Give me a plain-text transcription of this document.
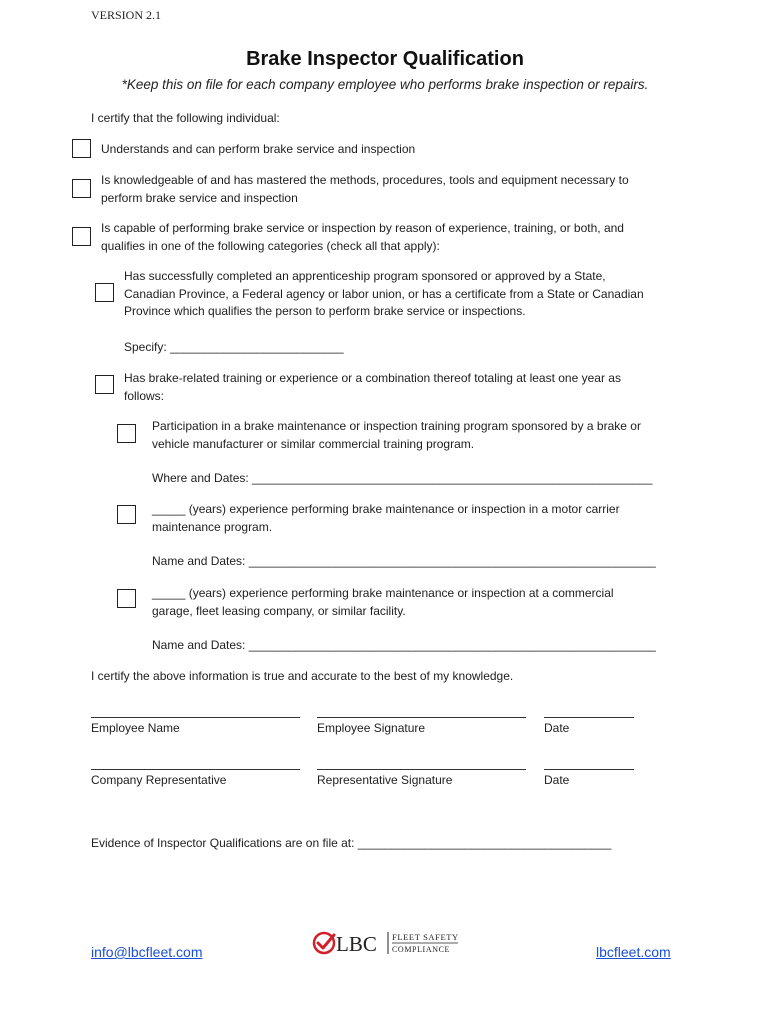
VERSION 2.1
Brake Inspector Qualification
*Keep this on file for each company employee who performs brake inspection or repairs.
I certify that the following individual:
Understands and can perform brake service and inspection
Is knowledgeable of and has mastered the methods, procedures, tools and equipment necessary to
perform brake service and inspection
Is capable of performing brake service or inspection by reason of experience, training, or both, and
qualifies in one of the following categories (check all that apply):
Has successfully completed an apprenticeship program sponsored or approved by a State,
Canadian Province, a Federal agency or labor union, or has a certificate from a State or Canadian
Province which qualifies the person to perform brake service or inspections.
Specify: __________________________
Has brake-related training or experience or a combination thereof totaling at least one year as
follows:
Participation in a brake maintenance or inspection training program sponsored by a brake or
vehicle manufacturer or similar commercial training program.
Where and Dates: ____________________________________________________________
_____ (years) experience performing brake maintenance or inspection in a motor carrier
maintenance program.
Name and Dates: _____________________________________________________________
_____ (years) experience performing brake maintenance or inspection at a commercial
garage, fleet leasing company, or similar facility.
Name and Dates: _____________________________________________________________
I certify the above information is true and accurate to the best of my knowledge.
Employee Name	Employee Signature	Date
Company Representative	Representative Signature	Date
Evidence of Inspector Qualifications are on file at: ______________________________________
info@lbcfleet.com	lbcfleet.com
LBC FLEET SAFETY
COMPLIANCE
